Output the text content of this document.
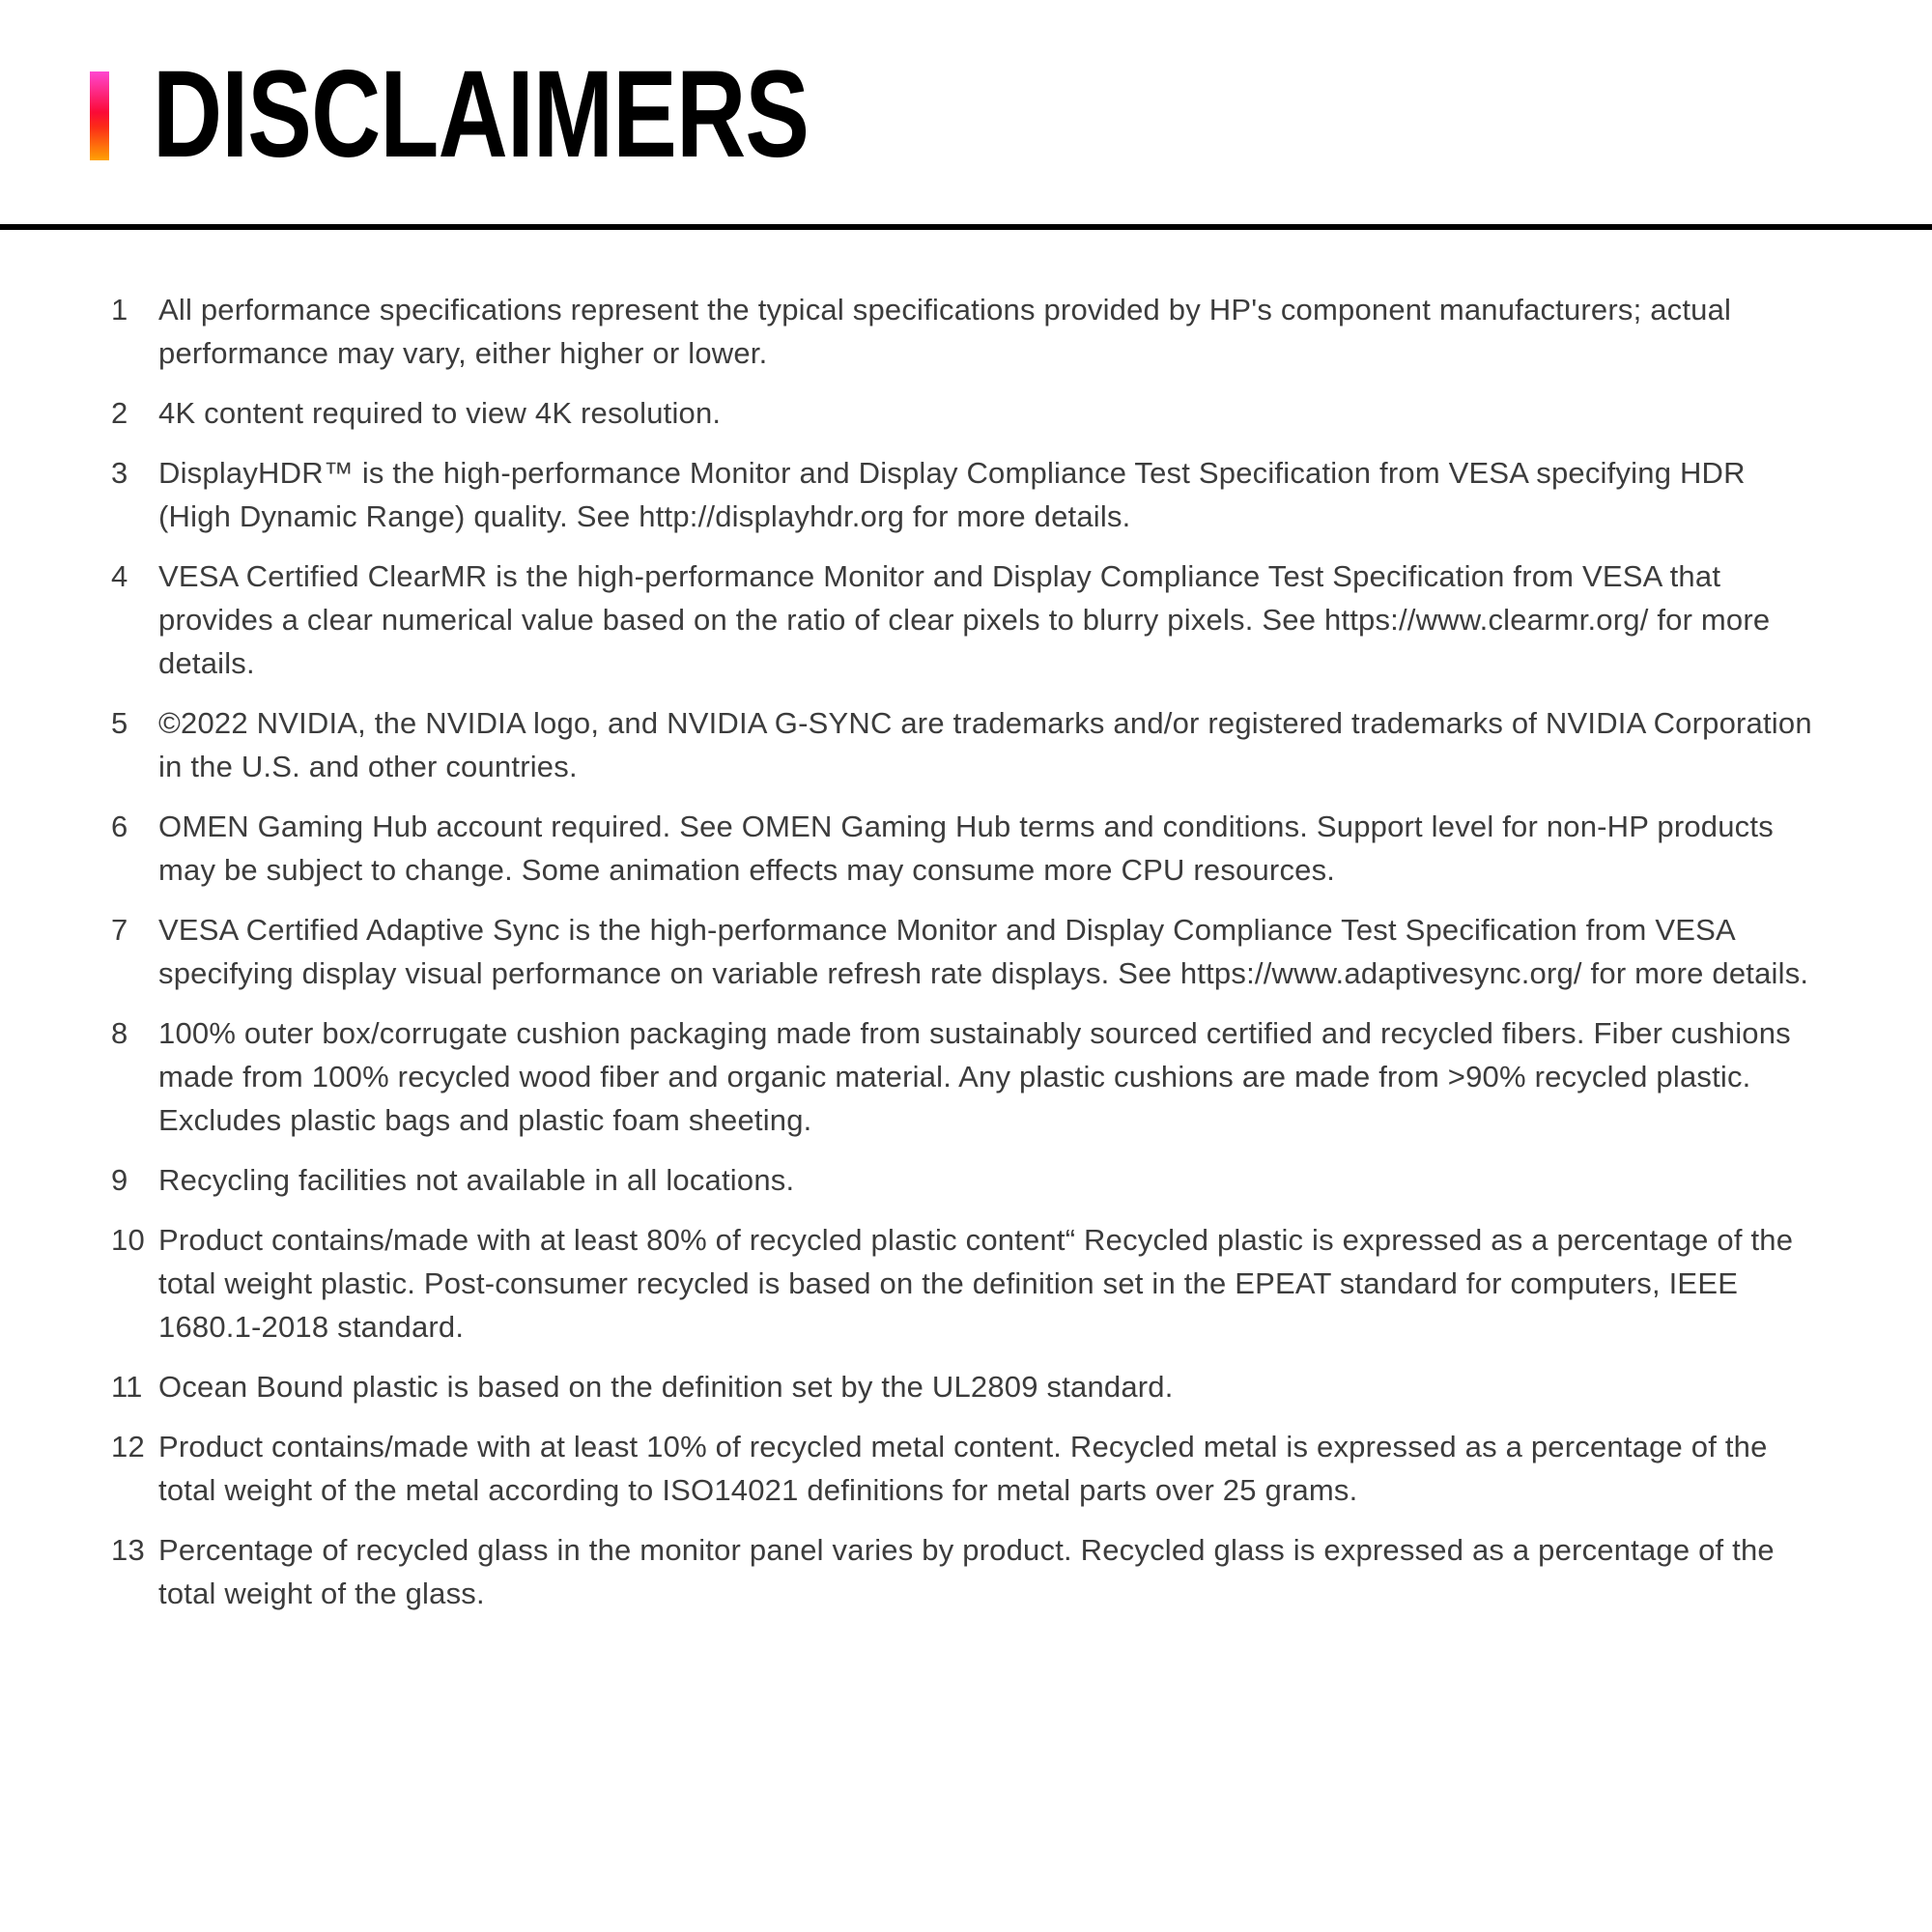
DISCLAIMERS
1	All performance specifications represent the typical specifications provided by HP's component manufacturers; actual performance may vary, either higher or lower.
2	4K content required to view 4K resolution.
3	DisplayHDR™ is the high-performance Monitor and Display Compliance Test Specification from VESA specifying HDR (High Dynamic Range) quality. See http://displayhdr.org for more details.
4	VESA Certified ClearMR is the high-performance Monitor and Display Compliance Test Specification from VESA that provides a clear numerical value based on the ratio of clear pixels to blurry pixels. See https://www.clearmr.org/ for more details.
5	©2022 NVIDIA, the NVIDIA logo, and NVIDIA G-SYNC are trademarks and/or registered trademarks of NVIDIA Corporation in the U.S. and other countries.
6	OMEN Gaming Hub account required. See OMEN Gaming Hub terms and conditions. Support level for non-HP products may be subject to change. Some animation effects may consume more CPU resources.
7	VESA Certified Adaptive Sync is the high-performance Monitor and Display Compliance Test Specification from VESA specifying display visual performance on variable refresh rate displays. See https://www.adaptivesync.org/ for more details.
8	100% outer box/corrugate cushion packaging made from sustainably sourced certified and recycled fibers. Fiber cushions made from 100% recycled wood fiber and organic material. Any plastic cushions are made from >90% recycled plastic. Excludes plastic bags and plastic foam sheeting.
9	Recycling facilities not available in all locations.
10 Product contains/made with at least 80% of recycled plastic content“ Recycled plastic is expressed as a percentage of the total weight plastic. Post-consumer recycled is based on the definition set in the EPEAT standard for computers, IEEE 1680.1-2018 standard.
11 Ocean Bound plastic is based on the definition set by the UL2809 standard.
12 Product contains/made with at least 10% of recycled metal content. Recycled metal is expressed as a percentage of the total weight of the metal according to ISO14021 definitions for metal parts over 25 grams.
13 Percentage of recycled glass in the monitor panel varies by product. Recycled glass is expressed as a percentage of the total weight of the glass.
